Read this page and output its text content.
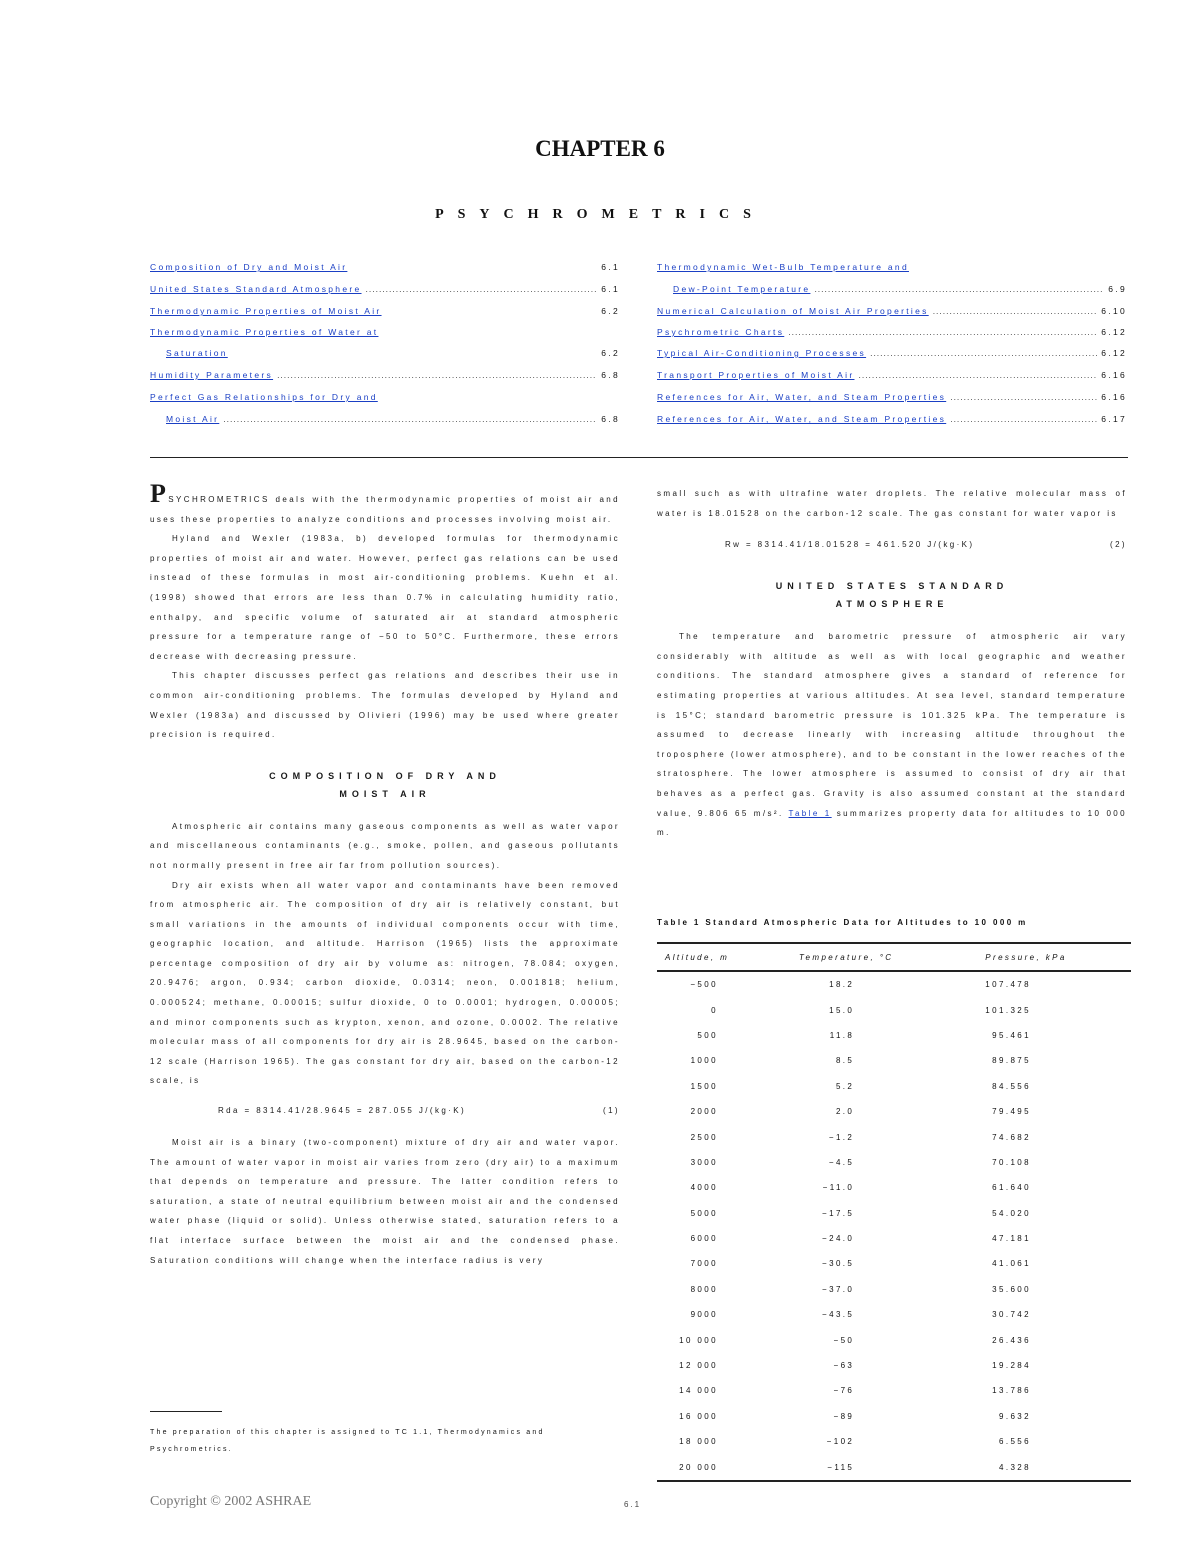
CHAPTER 6
PSYCHROMETRICS
Composition of Dry and Moist Air	6.1
United States Standard Atmosphere .....	6.1
Thermodynamic Properties of Moist Air	6.2
Thermodynamic Properties of Water at
Saturation	6.2
Humidity Parameters .....	6.8
Perfect Gas Relationships for Dry and
Moist Air .....	6.8
Thermodynamic Wet-Bulb Temperature and
Dew-Point Temperature .....	6.9
Numerical Calculation of Moist Air Properties .....	6.10
Psychrometric Charts .....	6.12
Typical Air-Conditioning Processes .....	6.12
Transport Properties of Moist Air .....	6.16
References for Air, Water, and Steam Properties .....	6.16
References for Air, Water, and Steam Properties .....	6.17

PSYCHROMETRICS deals with the thermodynamic properties of moist air and uses these properties to analyze conditions and processes involving moist air.

Hyland and Wexler (1983a, b) developed formulas for thermodynamic properties of moist air and water. However, perfect gas relations can be used instead of these formulas in most air-conditioning problems. Kuehn et al. (1998) showed that errors are less than 0.7% in calculating humidity ratio, enthalpy, and specific volume of saturated air at standard atmospheric pressure for a temperature range of −50 to 50°C. Furthermore, these errors decrease with decreasing pressure.

This chapter discusses perfect gas relations and describes their use in common air-conditioning problems. The formulas developed by Hyland and Wexler (1983a) and discussed by Olivieri (1996) may be used where greater precision is required.

COMPOSITION OF DRY AND
MOIST AIR

Atmospheric air contains many gaseous components as well as water vapor and miscellaneous contaminants (e.g., smoke, pollen, and gaseous pollutants not normally present in free air far from pollution sources).

Dry air exists when all water vapor and contaminants have been removed from atmospheric air. The composition of dry air is relatively constant, but small variations in the amounts of individual components occur with time, geographic location, and altitude. Harrison (1965) lists the approximate percentage composition of dry air by volume as: nitrogen, 78.084; oxygen, 20.9476; argon, 0.934; carbon dioxide, 0.0314; neon, 0.001818; helium, 0.000524; methane, 0.00015; sulfur dioxide, 0 to 0.0001; hydrogen, 0.00005; and minor components such as krypton, xenon, and ozone, 0.0002. The relative molecular mass of all components for dry air is 28.9645, based on the carbon-12 scale (Harrison 1965). The gas constant for dry air, based on the carbon-12 scale, is

Rda = 8314.41/28.9645 = 287.055 J/(kg·K)	(1)

Moist air is a binary (two-component) mixture of dry air and water vapor. The amount of water vapor in moist air varies from zero (dry air) to a maximum that depends on temperature and pressure. The latter condition refers to saturation, a state of neutral equilibrium between moist air and the condensed water phase (liquid or solid). Unless otherwise stated, saturation refers to a flat interface surface between the moist air and the condensed phase. Saturation conditions will change when the interface radius is very

The preparation of this chapter is assigned to TC 1.1, Thermodynamics and Psychrometrics.

small such as with ultrafine water droplets. The relative molecular mass of water is 18.01528 on the carbon-12 scale. The gas constant for water vapor is

Rw = 8314.41/18.01528 = 461.520 J/(kg·K)	(2)
UNITED STATES STANDARD
ATMOSPHERE

The temperature and barometric pressure of atmospheric air vary considerably with altitude as well as with local geographic and weather conditions. The standard atmosphere gives a standard of reference for estimating properties at various altitudes. At sea level, standard temperature is 15°C; standard barometric pressure is 101.325 kPa. The temperature is assumed to decrease linearly with increasing altitude throughout the troposphere (lower atmosphere), and to be constant in the lower reaches of the stratosphere. The lower atmosphere is assumed to consist of dry air that behaves as a perfect gas. Gravity is also assumed constant at the standard value, 9.806 65 m/s². Table 1 summarizes property data for altitudes to 10 000 m.

Table 1 Standard Atmospheric Data for Altitudes to 10 000 m
Altitude, m	Temperature, °C	Pressure, kPa
−500	18.2	107.478
0	15.0	101.325
500	11.8	95.461
1000	8.5	89.875
1500	5.2	84.556
2000	2.0	79.495
2500	−1.2	74.682
3000	−4.5	70.108
4000	−11.0	61.640
5000	−17.5	54.020
6000	−24.0	47.181
7000	−30.5	41.061
8000	−37.0	35.600
9000	−43.5	30.742
10 000	−50	26.436
12 000	−63	19.284
14 000	−76	13.786
16 000	−89	9.632
18 000	−102	6.556
20 000	−115	4.328
Copyright © 2002 ASHRAE	6.1
